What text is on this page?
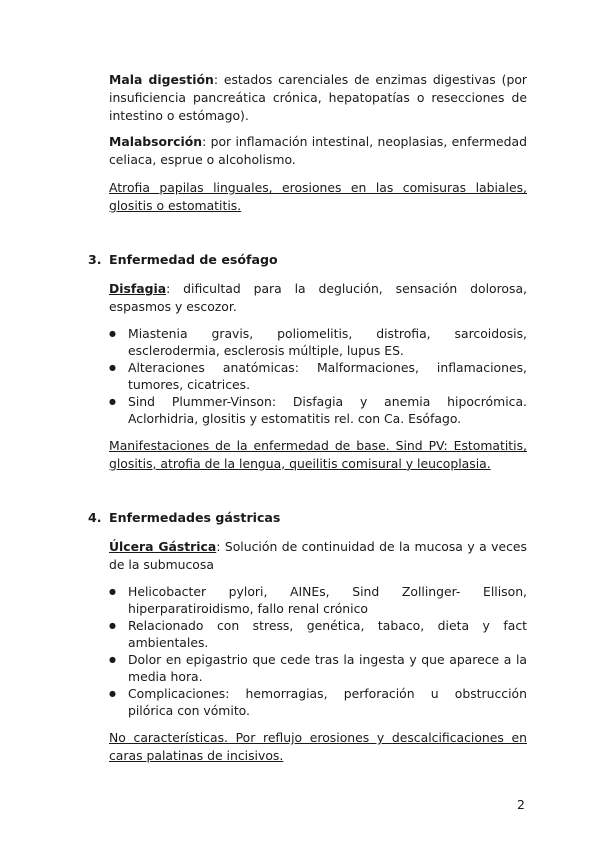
Mala digestión: estados carenciales de enzimas digestivas (por insuficiencia pancreática crónica, hepatopatías o resecciones de intestino o estómago).

Malabsorción: por inflamación intestinal, neoplasias, enfermedad celiaca, esprue o alcoholismo.

Atrofia papilas linguales, erosiones en las comisuras labiales, glositis o estomatitis.

3. Enfermedad de esófago

Disfagia: dificultad para la deglución, sensación dolorosa, espasmos y escozor.

● Miastenia gravis, poliomelitis, distrofia, sarcoidosis, esclerodermia, esclerosis múltiple, lupus ES.
● Alteraciones anatómicas: Malformaciones, inflamaciones, tumores, cicatrices.
● Sind Plummer-Vinson: Disfagia y anemia hipocrómica. Aclorhidria, glositis y estomatitis rel. con Ca. Esófago.

Manifestaciones de la enfermedad de base. Sind PV: Estomatitis, glositis, atrofia de la lengua, queilitis comisural y leucoplasia.

4. Enfermedades gástricas

Úlcera Gástrica: Solución de continuidad de la mucosa y a veces de la submucosa

● Helicobacter pylori, AINEs, Sind Zollinger- Ellison, hiperparatiroidismo, fallo renal crónico
● Relacionado con stress, genética, tabaco, dieta y fact ambientales.
● Dolor en epigastrio que cede tras la ingesta y que aparece a la media hora.
● Complicaciones: hemorragias, perforación u obstrucción pilórica con vómito.

No características. Por reflujo erosiones y descalcificaciones en caras palatinas de incisivos.

2
